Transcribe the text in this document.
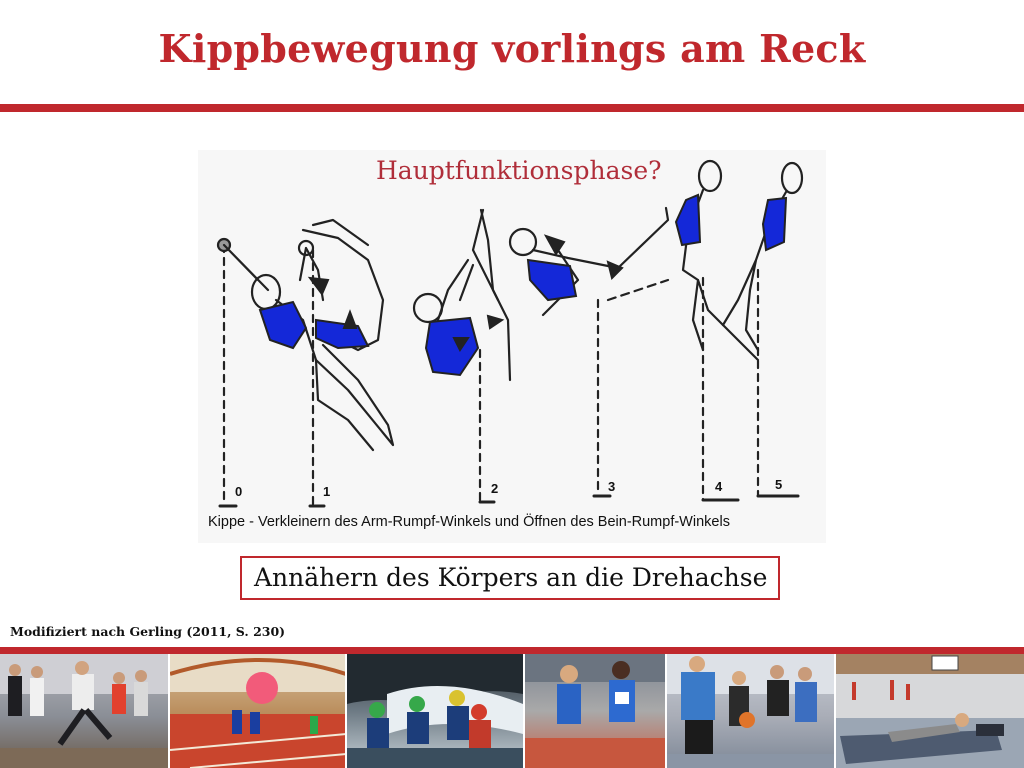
Kippbewegung vorlings am Reck
Hauptfunktionsphase?
0	1	2	3	4	5
Kippe - Verkleinern des Arm-Rumpf-Winkels und Öffnen des Bein-Rumpf-Winkels
Annähern des Körpers an die Drehachse
Modifiziert nach Gerling (2011, S. 230)
